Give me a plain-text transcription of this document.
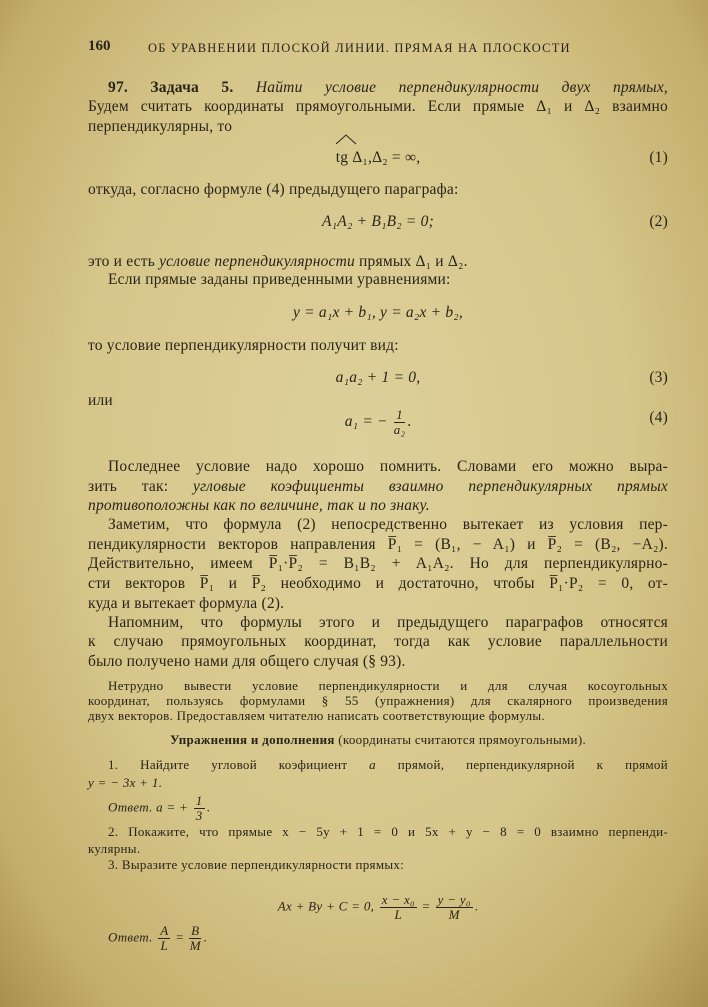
160	ОБ УРАВНЕНИИ ПЛОСКОЙ ЛИНИИ. ПРЯМАЯ НА ПЛОСКОСТИ
97. Задача 5. Найти условие перпендикулярности двух прямых,
Будем считать координаты прямоугольными. Если прямые Δ₁ и Δ₂ взаимно
перпендикулярны, то
tg Δ₁,Δ₂ = ∞,	(1)
откуда, согласно формуле (4) предыдущего параграфа:
A₁A₂ + B₁B₂ = 0;	(2)
это и есть условие перпендикулярности прямых Δ₁ и Δ₂.
Если прямые заданы приведенными уравнениями:
y = a₁x + b₁, y = a₂x + b₂,
то условие перпендикулярности получит вид:
a₁a₂ + 1 = 0,	(3)
или
a₁ = − $\frac{1}{\text{a₂}}$ .	(4)
Последнее условие надо хорошо помнить. Словами его можно выра-
зить так: угловые коэфициенты взаимно перпендикулярных прямых
противоположны как по величине, так и по знаку.
Заметим, что формула (2) непосредственно вытекает из условия пер-
пендикулярности векторов направления P̅₁ = (B₁, − A₁) и P̅₂ = (B₂, −A₂).
Действительно, имеем P̅₁·P̅₂ = B₁B₂ + A₁A₂. Но для перпендикулярно-
сти векторов P̅₁ и P̅₂ необходимо и достаточно, чтобы P̅₁·P₂ = 0, от-
куда и вытекает формула (2).
Напомним, что формулы этого и предыдущего параграфов относятся
к случаю прямоугольных координат, тогда как условие параллельности
было получено нами для общего случая (§ 93).
Нетрудно вывести условие перпендикулярности и для случая косоугольных
координат, пользуясь формулами § 55 (упражнения) для скалярного произведения
двух векторов. Предоставляем читателю написать соответствующие формулы.
Упражнения и дополнения (координаты считаются прямоугольными).
1. Найдите угловой коэфициент a прямой, перпендикулярной к прямой
y = − 3x + 1.
Ответ. a = + $\frac{1}{3}$ .
2. Покажите, что прямые x − 5y + 1 = 0 и 5x + y − 8 = 0 взаимно перпенди-
кулярны.
3. Выразите условие перпендикулярности прямых:
Ax + By + C = 0, $\frac{\text{x − x₀}}{L} = \frac{\text{y − y₀}}{M}$ .
Ответ. $\frac{A}{L} = \frac{B}{M}$ .
